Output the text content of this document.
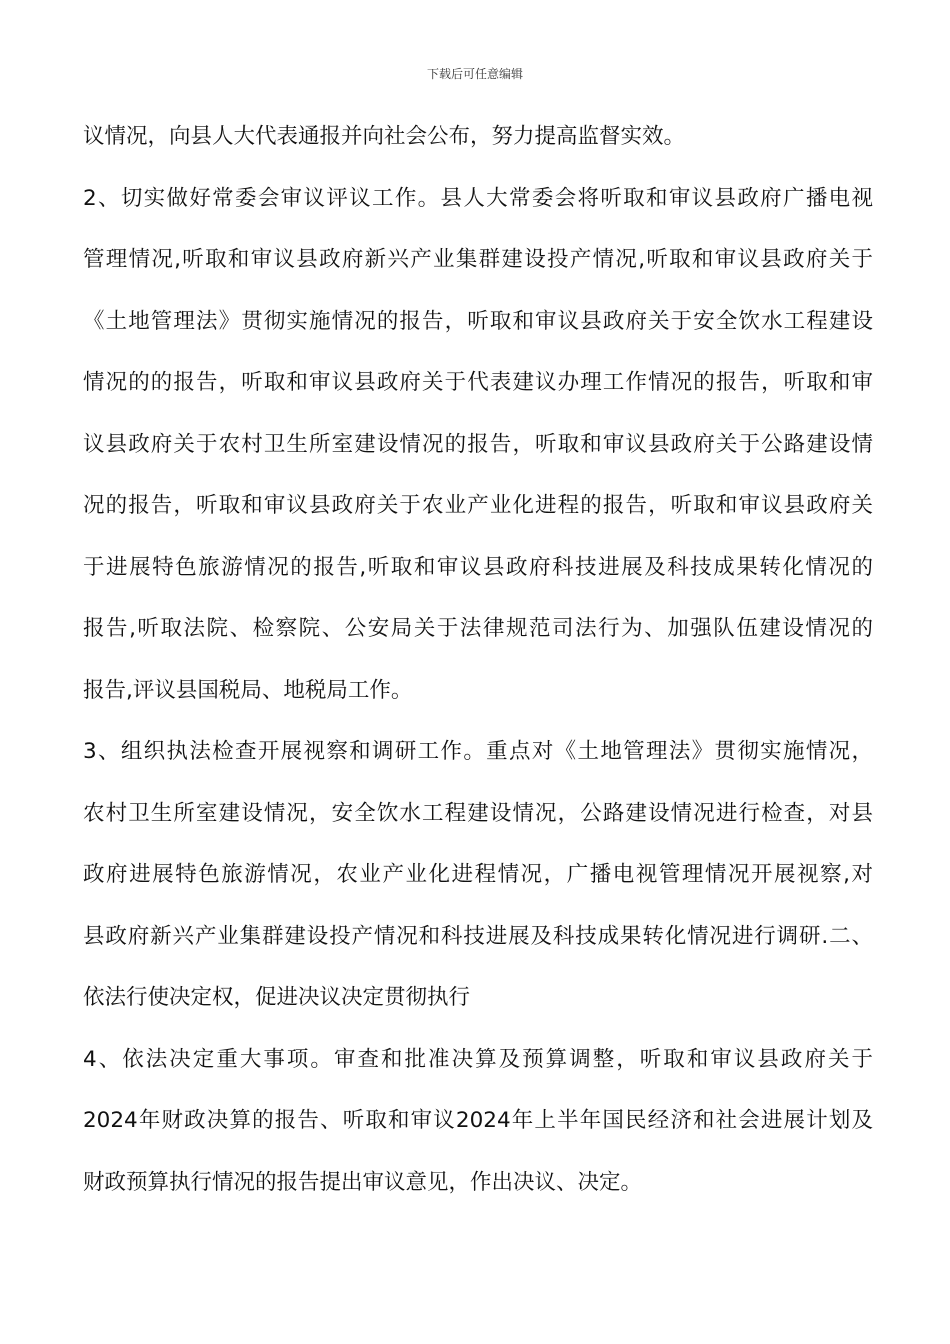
下载后可任意编辑
议情况，向县人大代表通报并向社会公布，努力提高监督实效。
2、切实做好常委会审议评议工作。县人大常委会将听取和审议县政府广播电视
管理情况,听取和审议县政府新兴产业集群建设投产情况,听取和审议县政府关于
《土地管理法》贯彻实施情况的报告，听取和审议县政府关于安全饮水工程建设
情况的的报告，听取和审议县政府关于代表建议办理工作情况的报告，听取和审
议县政府关于农村卫生所室建设情况的报告，听取和审议县政府关于公路建设情
况的报告，听取和审议县政府关于农业产业化进程的报告，听取和审议县政府关
于进展特色旅游情况的报告,听取和审议县政府科技进展及科技成果转化情况的
报告,听取法院、检察院、公安局关于法律规范司法行为、加强队伍建设情况的
报告,评议县国税局、地税局工作。
3、组织执法检查开展视察和调研工作。重点对《土地管理法》贯彻实施情况，
农村卫生所室建设情况，安全饮水工程建设情况，公路建设情况进行检查，对县
政府进展特色旅游情况，农业产业化进程情况，广播电视管理情况开展视察,对
县政府新兴产业集群建设投产情况和科技进展及科技成果转化情况进行调研.二、
依法行使决定权，促进决议决定贯彻执行
4、依法决定重大事项。审查和批准决算及预算调整，听取和审议县政府关于
2024年财政决算的报告、听取和审议2024年上半年国民经济和社会进展计划及
财政预算执行情况的报告提出审议意见，作出决议、决定。
